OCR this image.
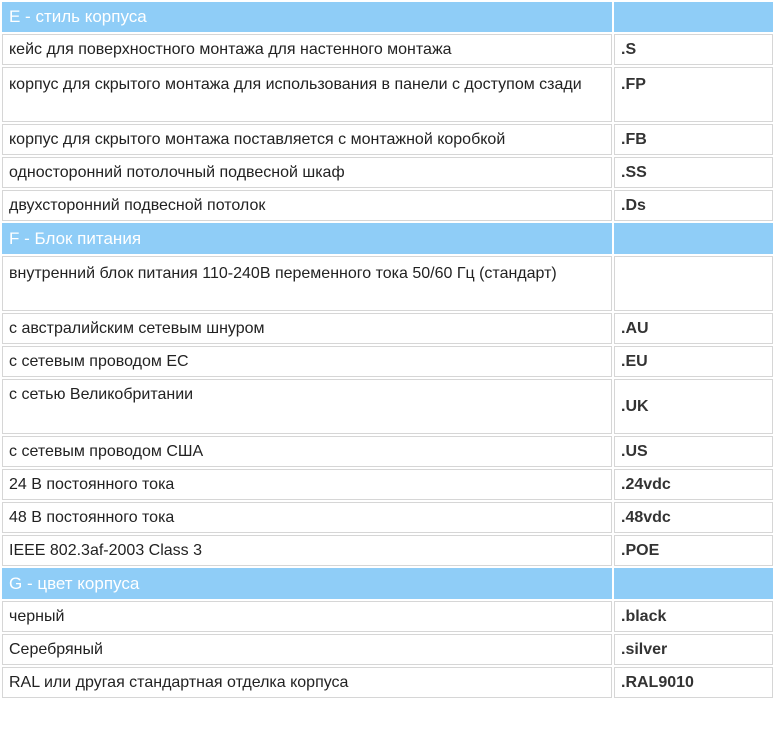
E - стиль корпуса	
кейс для поверхностного монтажа для настенного монтажа	.S
корпус для скрытого монтажа для использования в панели с доступом сзади	.FP
корпус для скрытого монтажа поставляется с монтажной коробкой	.FB
односторонний потолочный подвесной шкаф	.SS
двухсторонний подвесной потолок	.Ds
F - Блок питания	
внутренний блок питания 110-240В переменного тока 50/60 Гц (стандарт)	
с австралийским сетевым шнуром	.AU
с сетевым проводом ЕС	.EU
с сетью Великобритании	.UK
с сетевым проводом США	.US
24 В постоянного тока	.24vdc
48 В постоянного тока	.48vdc
IEEE 802.3af-2003 Class 3	.POE
G - цвет корпуса	
черный	.black
Серебряный	.silver
RAL или другая стандартная отделка корпуса	.RAL9010
